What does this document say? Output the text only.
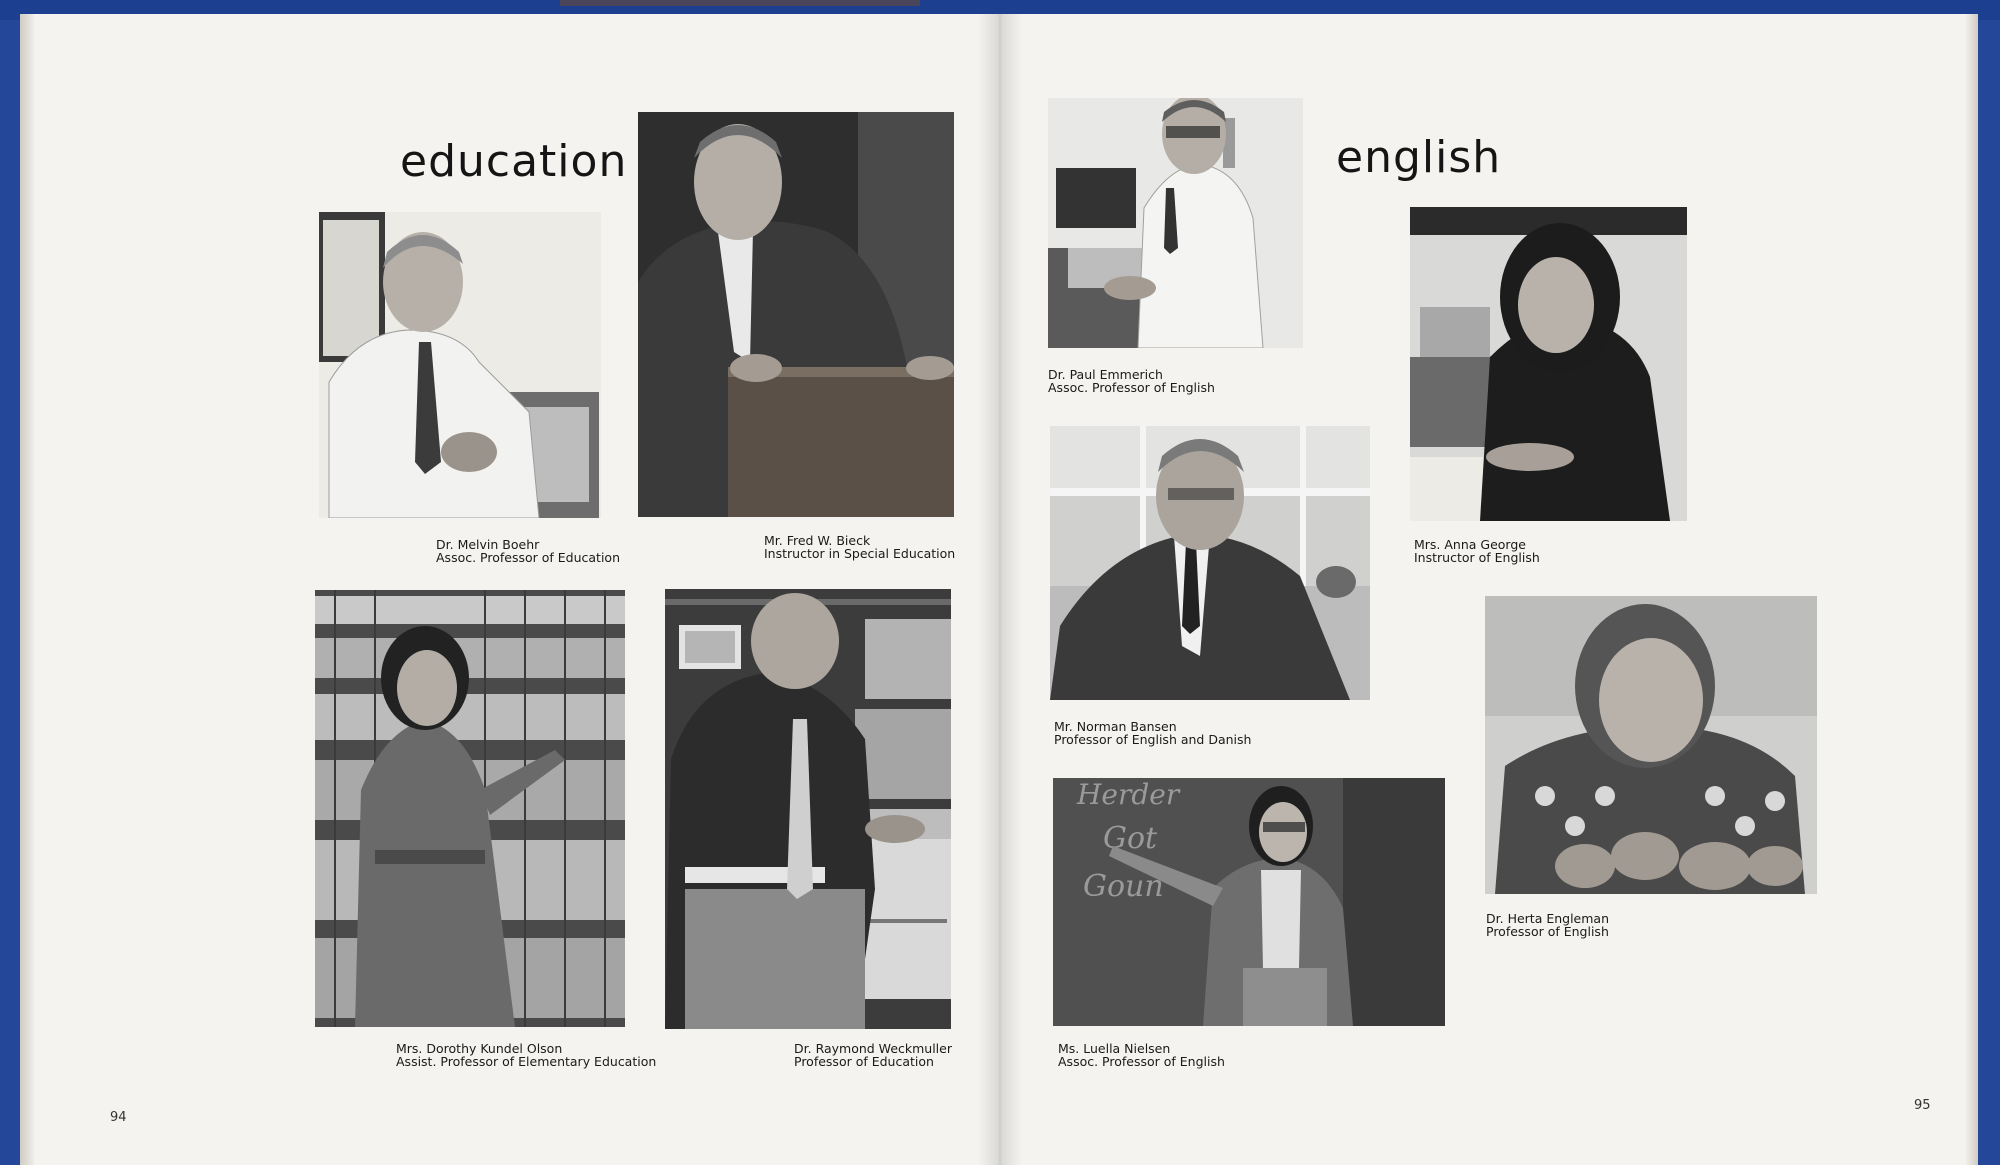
education
Dr. Melvin Boehr
Assoc. Professor of Education
Mr. Fred W. Bieck
Instructor in Special Education
Mrs. Dorothy Kundel Olson
Assist. Professor of Elementary Education
Dr. Raymond Weckmuller
Professor of Education
94
english
Dr. Paul Emmerich
Assoc. Professor of English
Mrs. Anna George
Instructor of English
Mr. Norman Bansen
Professor of English and Danish
Dr. Herta Engleman
Professor of English
Herder
Got
Goun
Ms. Luella Nielsen
Assoc. Professor of English
95
